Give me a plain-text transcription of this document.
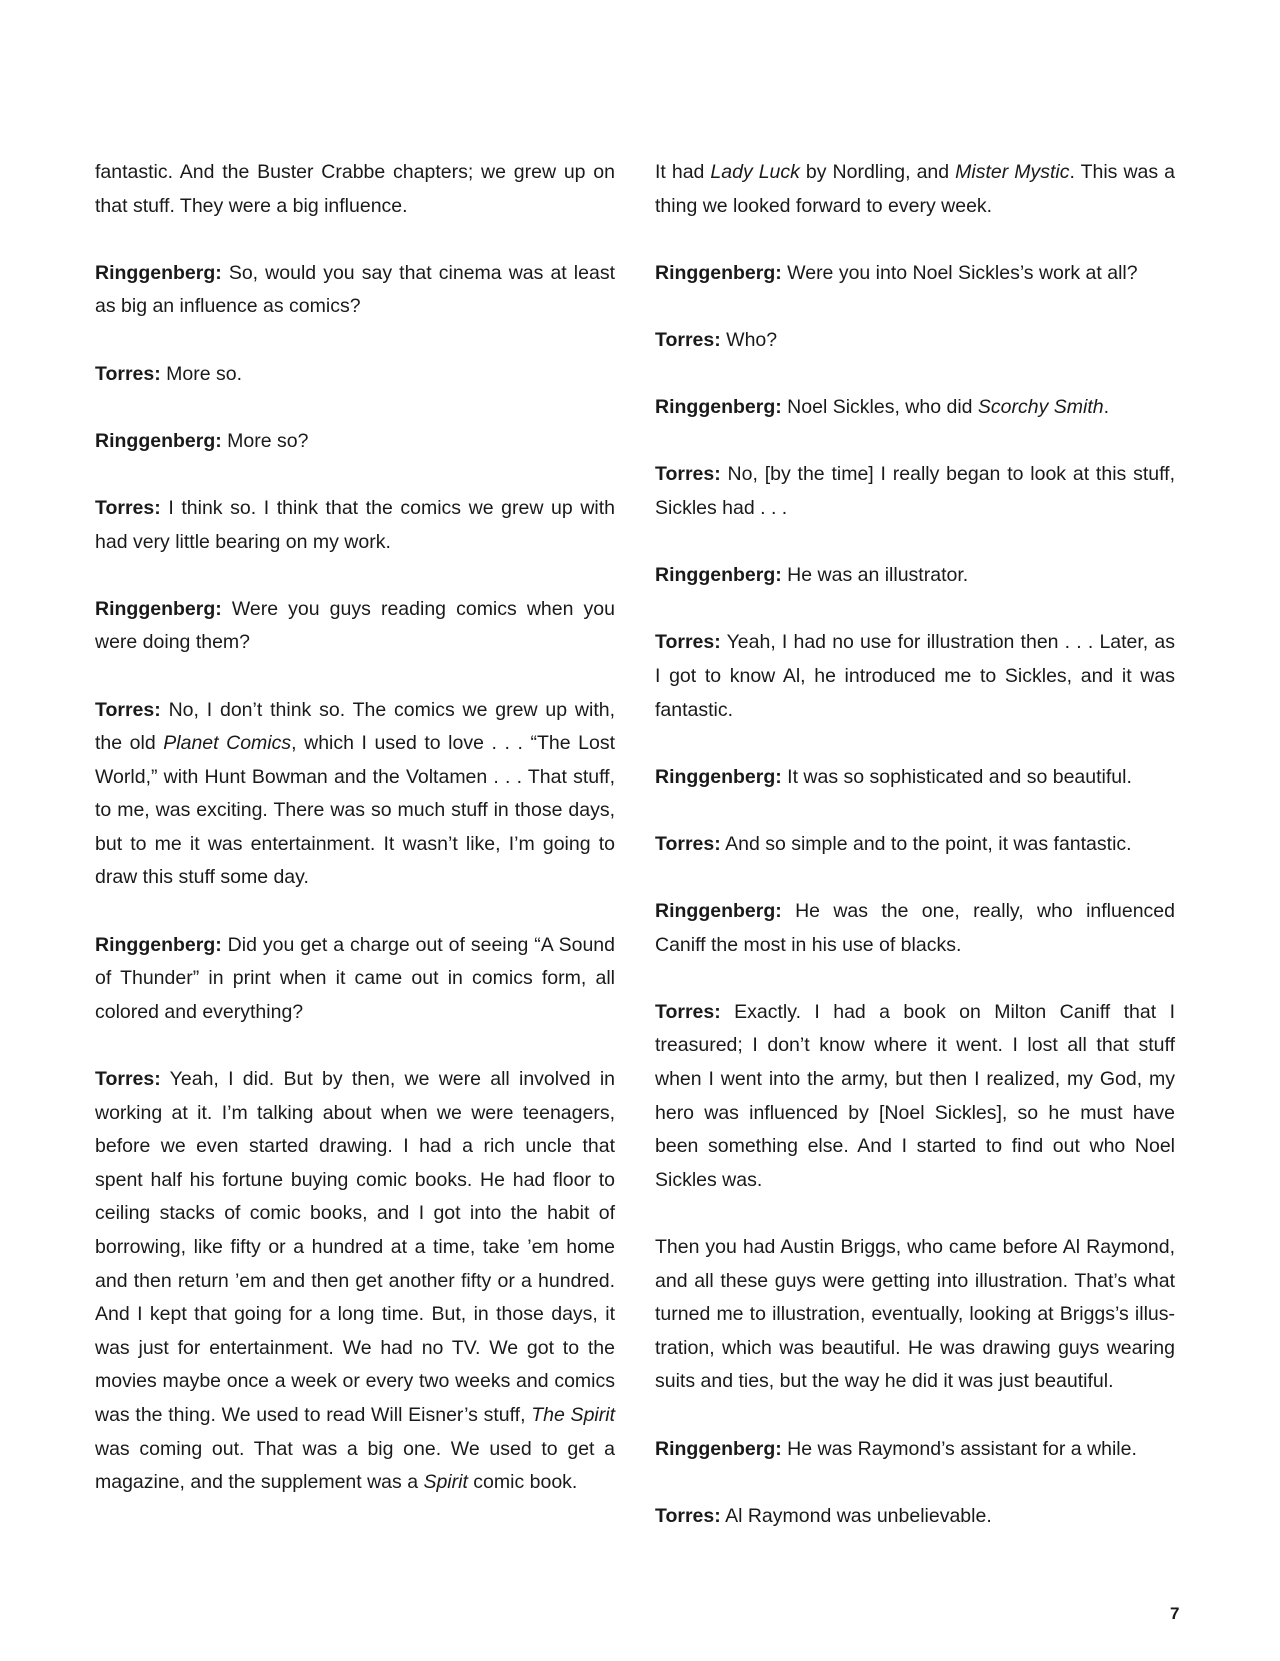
fantastic. And the Buster Crabbe chapters; we grew up on that stuff. They were a big influence.

Ringgenberg: So, would you say that cinema was at least as big an influence as comics?

Torres: More so.

Ringgenberg: More so?

Torres: I think so. I think that the comics we grew up with had very little bearing on my work.

Ringgenberg: Were you guys reading comics when you were doing them?

Torres: No, I don’t think so. The comics we grew up with, the old Planet Comics, which I used to love . . . “The Lost World,” with Hunt Bowman and the Voltamen . . . That stuff, to me, was exciting. There was so much stuff in those days, but to me it was entertainment. It wasn’t like, I’m going to draw this stuff some day.

Ringgenberg: Did you get a charge out of seeing “A Sound of Thunder” in print when it came out in comics form, all colored and everything?

Torres: Yeah, I did. But by then, we were all involved in working at it. I’m talking about when we were teenagers, before we even started drawing. I had a rich uncle that spent half his fortune buying comic books. He had floor to ceiling stacks of comic books, and I got into the habit of borrowing, like fifty or a hundred at a time, take ’em home and then return ’em and then get another fifty or a hundred. And I kept that going for a long time. But, in those days, it was just for entertainment. We had no TV. We got to the movies maybe once a week or every two weeks and comics was the thing. We used to read Will Eisner’s stuff, The Spirit was coming out. That was a big one. We used to get a magazine, and the supplement was a Spirit comic book.

It had Lady Luck by Nordling, and Mister Mystic. This was a thing we looked forward to every week.

Ringgenberg: Were you into Noel Sickles’s work at all?

Torres: Who?

Ringgenberg: Noel Sickles, who did Scorchy Smith.

Torres: No, [by the time] I really began to look at this stuff, Sickles had . . .

Ringgenberg: He was an illustrator.

Torres: Yeah, I had no use for illustration then . . . Later, as I got to know Al, he introduced me to Sickles, and it was fantastic.

Ringgenberg: It was so sophisticated and so beautiful.

Torres: And so simple and to the point, it was fantastic.

Ringgenberg: He was the one, really, who influenced Caniff the most in his use of blacks.

Torres: Exactly. I had a book on Milton Caniff that I treasured; I don’t know where it went. I lost all that stuff when I went into the army, but then I realized, my God, my hero was influenced by [Noel Sickles], so he must have been something else. And I started to find out who Noel Sickles was.

Then you had Austin Briggs, who came before Al Raymond, and all these guys were getting into illustration. That’s what turned me to illustration, eventually, looking at Briggs’s illustration, which was beautiful. He was drawing guys wearing suits and ties, but the way he did it was just beautiful.

Ringgenberg: He was Raymond’s assistant for a while.

Torres: Al Raymond was unbelievable.

7
